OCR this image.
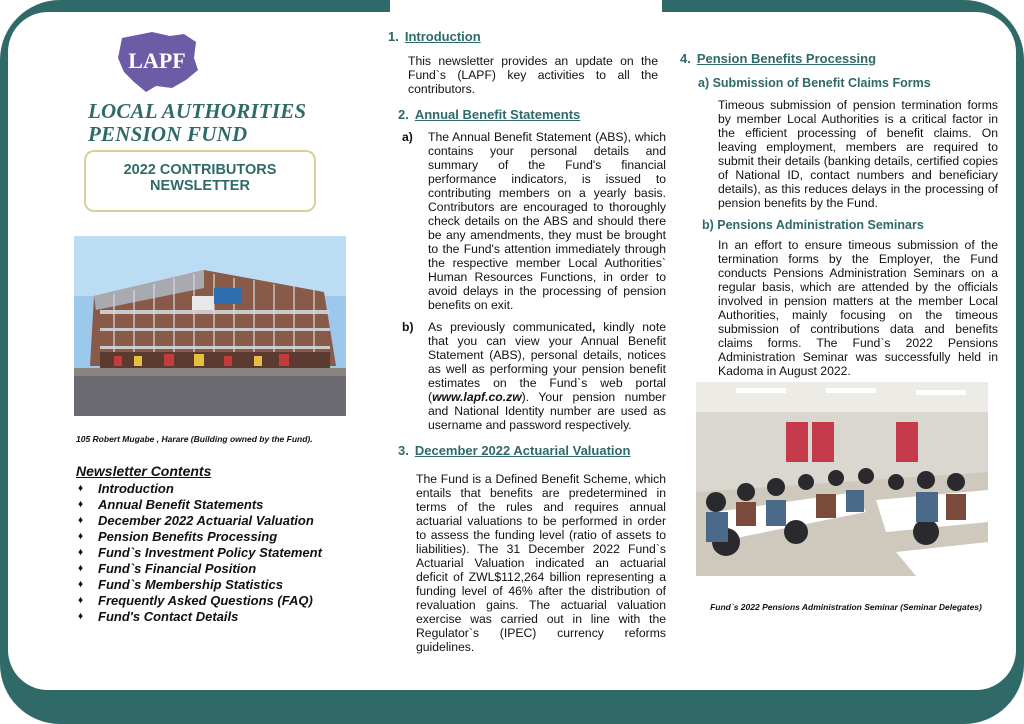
LAPF
LOCAL AUTHORITIES
PENSION FUND
2022 CONTRIBUTORS
NEWSLETTER
105 Robert Mugabe , Harare (Building owned by the Fund).
Newsletter Contents
♦ Introduction
♦ Annual Benefit Statements
♦ December 2022 Actuarial Valuation
♦ Pension Benefits Processing
♦ Fund`s Investment Policy Statement
♦ Fund`s Financial Position
♦ Fund`s Membership Statistics
♦ Frequently Asked Questions (FAQ)
♦ Fund's Contact Details

1. Introduction

This newsletter provides an update on the Fund`s (LAPF) key activities to all the contributors.

2. Annual Benefit Statements

a) The Annual Benefit Statement (ABS), which contains your personal details and summary of the Fund's financial performance indicators, is issued to contributing members on a yearly basis. Contributors are encouraged to thoroughly check details on the ABS and should there be any amendments, they must be brought to the Fund's attention immediately through the respective member Local Authorities` Human Resources Functions, in order to avoid delays in the processing of pension benefits on exit.
b) As previously communicated, kindly note that you can view your Annual Benefit Statement (ABS), personal details, notices as well as performing your pension benefit estimates on the Fund`s web portal (www.lapf.co.zw). Your pension number and National Identity number are used as username and password respectively.

3. December 2022 Actuarial Valuation

The Fund is a Defined Benefit Scheme, which entails that benefits are predetermined in terms of the rules and requires annual actuarial valuations to be performed in order to assess the funding level (ratio of assets to liabilities). The 31 December 2022 Fund`s Actuarial Valuation indicated an actuarial deficit of ZWL$112,264 billion representing a funding level of 46% after the distribution of revaluation gains. The actuarial valuation exercise was carried out in line with the Regulator`s (IPEC) currency reforms guidelines.

4. Pension Benefits Processing

a) Submission of Benefit Claims Forms

Timeous submission of pension termination forms by member Local Authorities is a critical factor in the efficient processing of benefit claims. On leaving employment, members are required to submit their details (banking details, certified copies of National ID, contact numbers and beneficiary details), as this reduces delays in the processing of pension benefits by the Fund.

b) Pensions Administration Seminars

In an effort to ensure timeous submission of the termination forms by the Employer, the Fund conducts Pensions Administration Seminars on a regular basis, which are attended by the officials involved in pension matters at the member Local Authorities, mainly focusing on the timeous submission of contributions data and benefits claims forms. The Fund`s 2022 Pensions Administration Seminar was successfully held in Kadoma in August 2022.

Fund`s 2022 Pensions Administration Seminar (Seminar Delegates)
